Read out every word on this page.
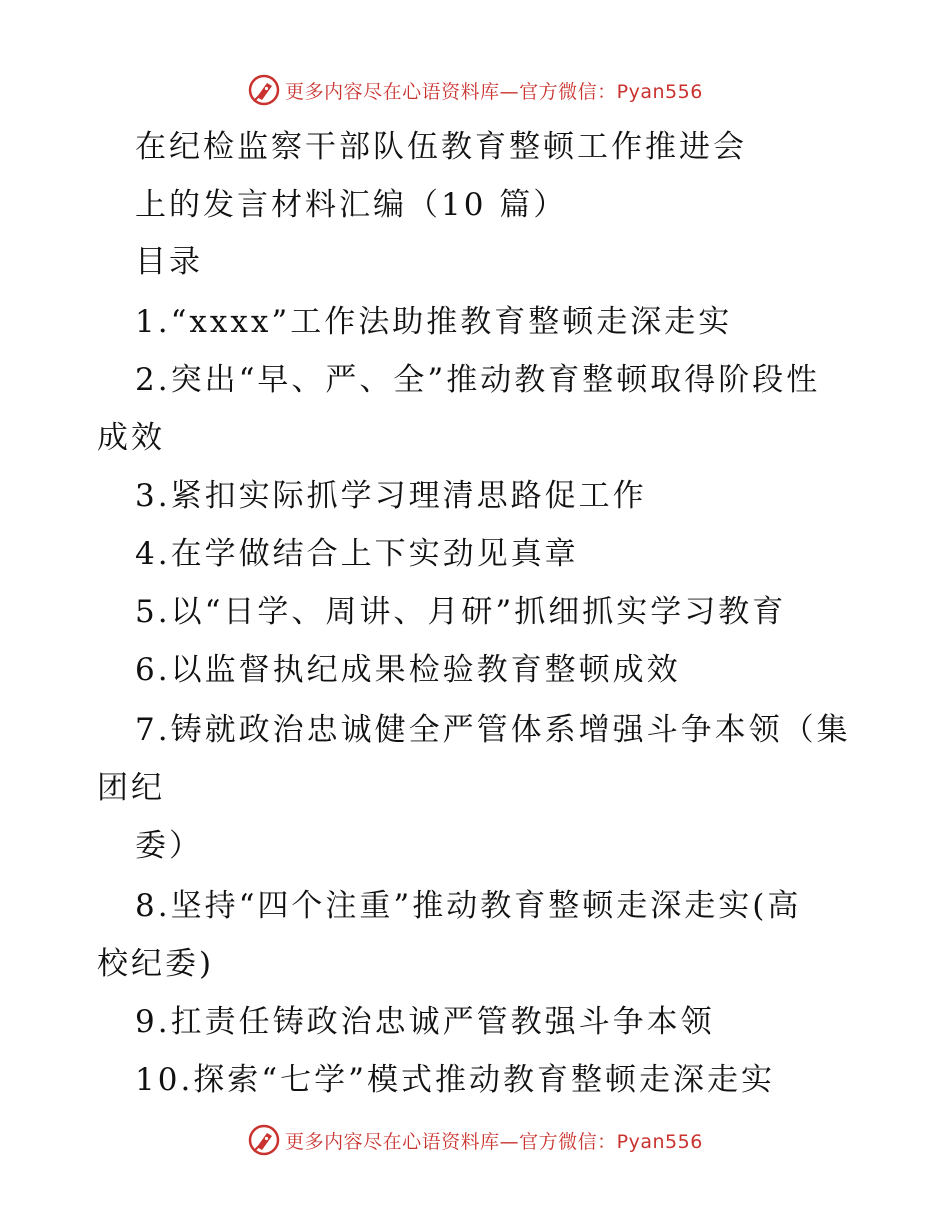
更多内容尽在心语资料库—官方微信：Pyan556
在纪检监察干部队伍教育整顿工作推进会
上的发言材料汇编（10 篇）
目录
1.“xxxx”工作法助推教育整顿走深走实
2.突出“早、严、全”推动教育整顿取得阶段性
成效
3.紧扣实际抓学习理清思路促工作
4.在学做结合上下实劲见真章
5.以“日学、周讲、月研”抓细抓实学习教育
6.以监督执纪成果检验教育整顿成效
7.铸就政治忠诚健全严管体系增强斗争本领（集
团纪
委）
8.坚持“四个注重”推动教育整顿走深走实(高
校纪委)
9.扛责任铸政治忠诚严管教强斗争本领
10.探索“七学”模式推动教育整顿走深走实
更多内容尽在心语资料库—官方微信：Pyan556
